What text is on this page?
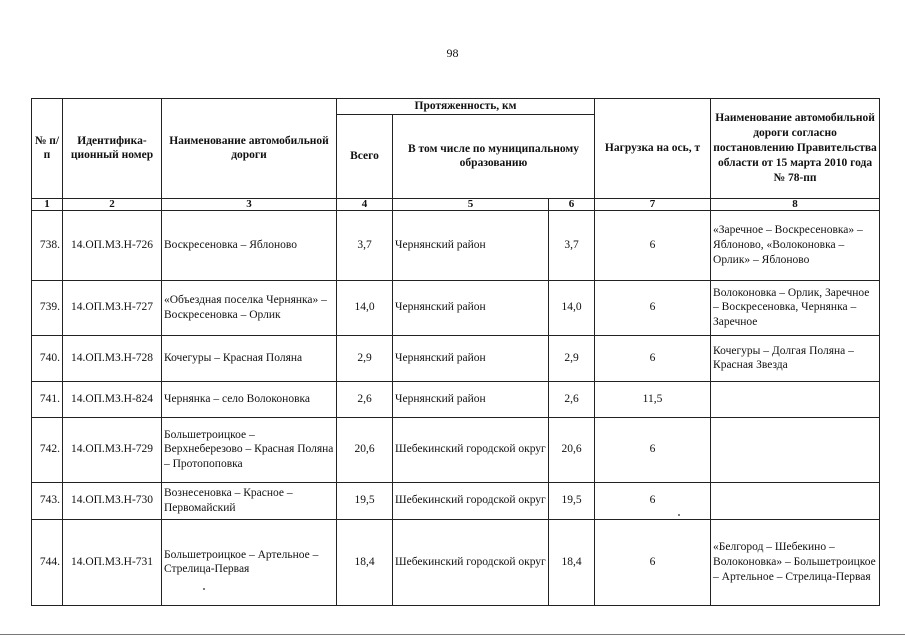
98
№ п/п	Идентифика-ционный номер	Наименование автомобильной дороги	Протяженность, км			Нагрузка на ось, т	Наименование автомобильной дороги согласно постановлению Правительства области от 15 марта 2010 года № 78-пп
			Всего	В том числе по муниципальному образованию			
1	2	3	4	5	6	7	8
738.	14.ОП.МЗ.Н-726	Воскресеновка – Яблоново	3,7	Чернянский район	3,7	6	«Заречное – Воскресеновка» – Яблоново, «Волоконовка – Орлик» – Яблоново
739.	14.ОП.МЗ.Н-727	«Объездная поселка Чернянка» – Воскресеновка – Орлик	14,0	Чернянский район	14,0	6	Волоконовка – Орлик, Заречное – Воскресеновка, Чернянка – Заречное
740.	14.ОП.МЗ.Н-728	Кочегуры – Красная Поляна	2,9	Чернянский район	2,9	6	Кочегуры – Долгая Поляна – Красная Звезда
741.	14.ОП.МЗ.Н-824	Чернянка – село Волоконовка	2,6	Чернянский район	2,6	11,5	
742.	14.ОП.МЗ.Н-729	Большетроицкое – Верхнеберезово – Красная Поляна – Протопоповка	20,6	Шебекинский городской округ	20,6	6	
743.	14.ОП.МЗ.Н-730	Вознесеновка – Красное – Первомайский	19,5	Шебекинский городской округ	19,5	6	
744.	14.ОП.МЗ.Н-731	Большетроицкое – Артельное – Стрелица-Первая	18,4	Шебекинский городской округ	18,4	6	«Белгород – Шебекино – Волоконовка» – Большетроицкое – Артельное – Стрелица-Первая
